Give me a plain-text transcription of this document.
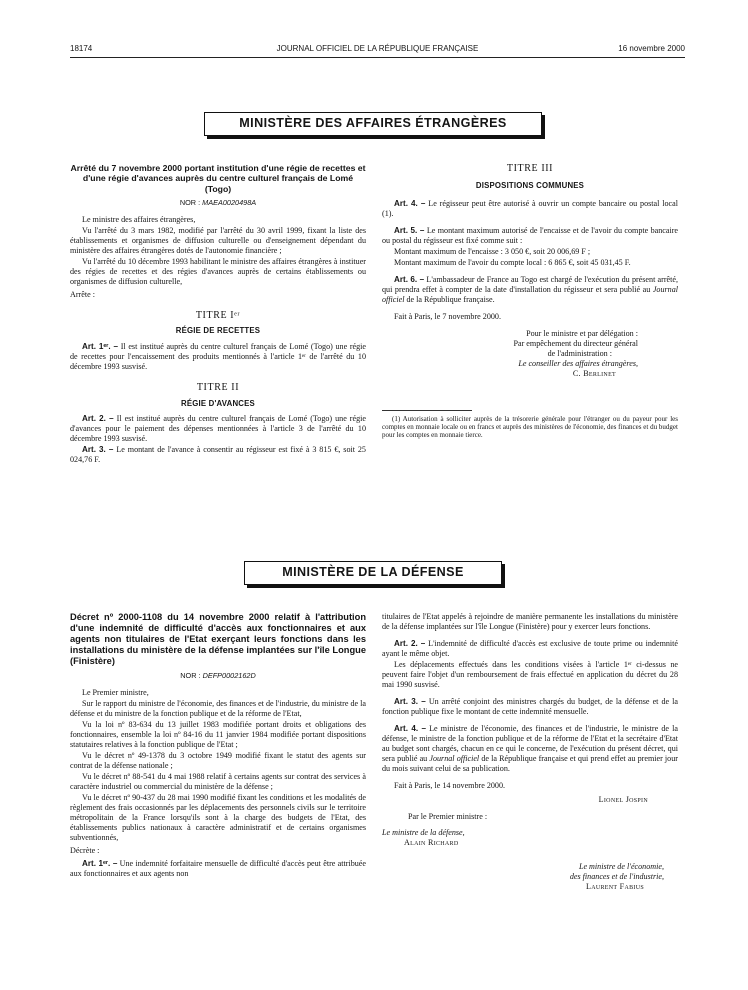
18174	JOURNAL OFFICIEL DE LA RÉPUBLIQUE FRANÇAISE	16 novembre 2000
MINISTÈRE DES AFFAIRES ÉTRANGÈRES
Arrêté du 7 novembre 2000 portant institution d'une régie de recettes et d'une régie d'avances auprès du centre culturel français de Lomé (Togo)
NOR : MAEA0020498A

Le ministre des affaires étrangères,

Vu l'arrêté du 3 mars 1982, modifié par l'arrêté du 30 avril 1999, fixant la liste des établissements et organismes de diffusion culturelle ou d'enseignement dépendant du ministère des affaires étrangères dotés de l'autonomie financière ;

Vu l'arrêté du 10 décembre 1993 habilitant le ministre des affaires étrangères à instituer des régies de recettes et des régies d'avances auprès de certains établissements ou organismes de diffusion culturelle,

Arrête :

TITRE Iᵉʳ
RÉGIE DE RECETTES

Art. 1ᵉʳ. – Il est institué auprès du centre culturel français de Lomé (Togo) une régie de recettes pour l'encaissement des produits mentionnés à l'article 1ᵉʳ de l'arrêté du 10 décembre 1993 susvisé.

TITRE II
RÉGIE D'AVANCES

Art. 2. – Il est institué auprès du centre culturel français de Lomé (Togo) une régie d'avances pour le paiement des dépenses mentionnées à l'article 3 de l'arrêté du 10 décembre 1993 susvisé.

Art. 3. – Le montant de l'avance à consentir au régisseur est fixé à 3 815 €, soit 25 024,76 F.

TITRE III
DISPOSITIONS COMMUNES

Art. 4. – Le régisseur peut être autorisé à ouvrir un compte bancaire ou postal local (1).

Art. 5. – Le montant maximum autorisé de l'encaisse et de l'avoir du compte bancaire ou postal du régisseur est fixé comme suit :

Montant maximum de l'encaisse : 3 050 €, soit 20 006,69 F ;

Montant maximum de l'avoir du compte local : 6 865 €, soit 45 031,45 F.

Art. 6. – L'ambassadeur de France au Togo est chargé de l'exécution du présent arrêté, qui prendra effet à compter de la date d'installation du régisseur et sera publié au Journal officiel de la République française.

Fait à Paris, le 7 novembre 2000.

Pour le ministre et par délégation :
Par empêchement du directeur général
de l'administration :
Le conseiller des affaires étrangères,
C. Berlinet
(1) Autorisation à solliciter auprès de la trésorerie générale pour l'étranger ou du payeur pour les comptes en monnaie locale ou en francs et auprès des ministères de l'économie, des finances et du budget pour les comptes en monnaie tierce.
MINISTÈRE DE LA DÉFENSE
Décret nº 2000-1108 du 14 novembre 2000 relatif à l'attribution d'une indemnité de difficulté d'accès aux fonctionnaires et aux agents non titulaires de l'Etat exerçant leurs fonctions dans les installations du ministère de la défense implantées sur l'île Longue (Finistère)
NOR : DEFP0002162D

Le Premier ministre,

Sur le rapport du ministre de l'économie, des finances et de l'industrie, du ministre de la défense et du ministre de la fonction publique et de la réforme de l'Etat,

Vu la loi nº 83-634 du 13 juillet 1983 modifiée portant droits et obligations des fonctionnaires, ensemble la loi nº 84-16 du 11 janvier 1984 modifiée portant dispositions statutaires relatives à la fonction publique de l'Etat ;

Vu le décret nº 49-1378 du 3 octobre 1949 modifié fixant le statut des agents sur contrat de la défense nationale ;

Vu le décret nº 88-541 du 4 mai 1988 relatif à certains agents sur contrat des services à caractère industriel ou commercial du ministère de la défense ;

Vu le décret nº 90-437 du 28 mai 1990 modifié fixant les conditions et les modalités de règlement des frais occasionnés par les déplacements des personnels civils sur le territoire métropolitain de la France lorsqu'ils sont à la charge des budgets de l'Etat, des établissements publics nationaux à caractère administratif et de certains organismes subventionnés,

Décrète :

Art. 1ᵉʳ. – Une indemnité forfaitaire mensuelle de difficulté d'accès peut être attribuée aux fonctionnaires et aux agents non

titulaires de l'Etat appelés à rejoindre de manière permanente les installations du ministère de la défense implantées sur l'île Longue (Finistère) pour y exercer leurs fonctions.

Art. 2. – L'indemnité de difficulté d'accès est exclusive de toute prime ou indemnité ayant le même objet.

Les déplacements effectués dans les conditions visées à l'article 1ᵉʳ ci-dessus ne peuvent faire l'objet d'un remboursement de frais effectué en application du décret du 28 mai 1990 susvisé.

Art. 3. – Un arrêté conjoint des ministres chargés du budget, de la défense et de la fonction publique fixe le montant de cette indemnité mensuelle.

Art. 4. – Le ministre de l'économie, des finances et de l'industrie, le ministre de la défense, le ministre de la fonction publique et de la réforme de l'Etat et la secrétaire d'Etat au budget sont chargés, chacun en ce qui le concerne, de l'exécution du présent décret, qui sera publié au Journal officiel de la République française et qui prend effet au premier jour du mois suivant celui de sa publication.

Fait à Paris, le 14 novembre 2000.

Lionel Jospin
Par le Premier ministre :
Le ministre de la défense,
Alain Richard
Le ministre de l'économie,
des finances et de l'industrie,
Laurent Fabius
